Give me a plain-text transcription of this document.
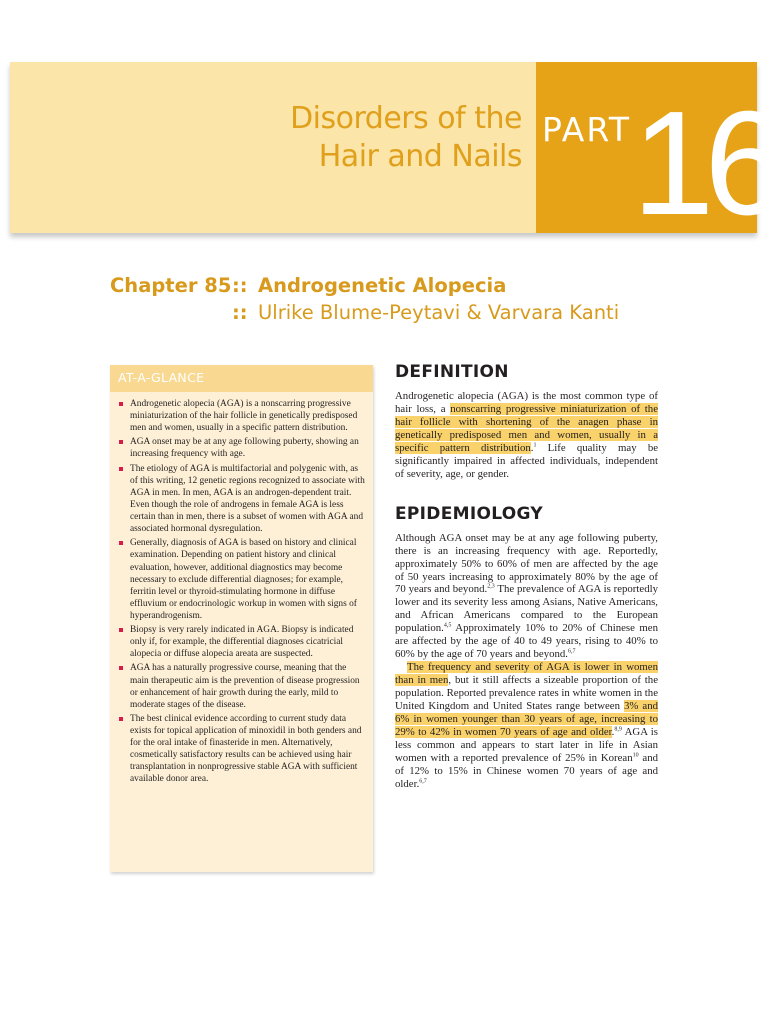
Disorders of the
Hair and Nails
PART 16
Chapter 85:: Androgenetic Alopecia
:: Ulrike Blume-Peytavi & Varvara Kanti
AT-A-GLANCE
Androgenetic alopecia (AGA) is a nonscarring progressive miniaturization of the hair follicle in genetically predisposed men and women, usually in a specific pattern distribution.
AGA onset may be at any age following puberty, showing an increasing frequency with age.
The etiology of AGA is multifactorial and polygenic with, as of this writing, 12 genetic regions recognized to associate with AGA in men. In men, AGA is an androgen-dependent trait. Even though the role of androgens in female AGA is less certain than in men, there is a subset of women with AGA and associated hormonal dysregulation.
Generally, diagnosis of AGA is based on history and clinical examination. Depending on patient history and clinical evaluation, however, additional diagnostics may become necessary to exclude differential diagnoses; for example, ferritin level or thyroid-stimulating hormone in diffuse effluvium or endocrinologic workup in women with signs of hyperandrogenism.
Biopsy is very rarely indicated in AGA. Biopsy is indicated only if, for example, the differential diagnoses cicatricial alopecia or diffuse alopecia areata are suspected.
AGA has a naturally progressive course, meaning that the main therapeutic aim is the prevention of disease progression or enhancement of hair growth during the early, mild to moderate stages of the disease.
The best clinical evidence according to current study data exists for topical application of minoxidil in both genders and for the oral intake of finasteride in men. Alternatively, cosmetically satisfactory results can be achieved using hair transplantation in nonprogressive stable AGA with sufficient available donor area.
DEFINITION

Androgenetic alopecia (AGA) is the most common type of hair loss, a nonscarring progressive miniaturization of the hair follicle with shortening of the anagen phase in genetically predisposed men and women, usually in a specific pattern distribution.$^1$ Life quality may be significantly impaired in affected individuals, independent of severity, age, or gender.

EPIDEMIOLOGY

Although AGA onset may be at any age following puberty, there is an increasing frequency with age. Reportedly, approximately 50% to 60% of men are affected by the age of 50 years increasing to approximately 80% by the age of 70 years and beyond.$^{2,3}$ The prevalence of AGA is reportedly lower and its severity less among Asians, Native Americans, and African Americans compared to the European population.$^{4,5}$ Approximately 10% to 20% of Chinese men are affected by the age of 40 to 49 years, rising to 40% to 60% by the age of 70 years and beyond.$^{6,7}$

The frequency and severity of AGA is lower in women than in men, but it still affects a sizeable proportion of the population. Reported prevalence rates in white women in the United Kingdom and United States range between 3% and 6% in women younger than 30 years of age, increasing to 29% to 42% in women 70 years of age and older.$^{8,9}$ AGA is less common and appears to start later in life in Asian women with a reported prevalence of 25% in Korean$^{10}$ and of 12% to 15% in Chinese women 70 years of age and older.$^{6,7}$
